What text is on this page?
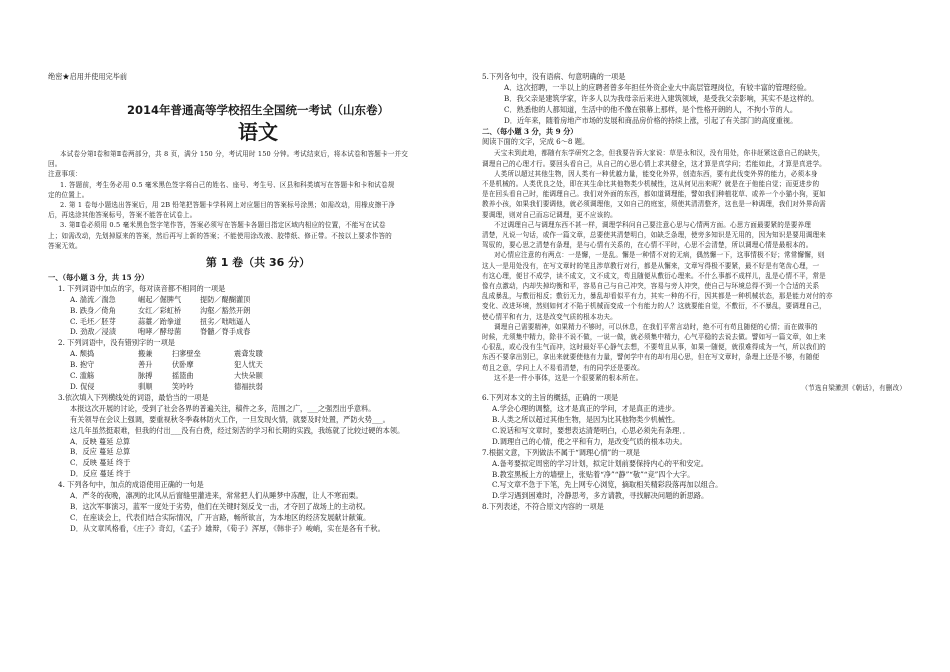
绝密★启用并使用完毕前
2014年普通高等学校招生全国统一考试（山东卷）
语文
本试卷分第Ⅰ卷和第Ⅱ卷两部分，共 8 页，满分 150 分，考试用时 150 分钟。考试结束后，将本试卷和答题卡一并交
回。
注意事项：
1. 答题前，考生务必用 0.5 毫米黑色签字将自己的姓名、座号、考生号、区县和科类填写在答题卡和卡和试卷规
定的位置上。
2. 第 1 卷每小题选出答案后，用 2B 铅笔把答题卡学科网上对应题目的答案标号涂黑；如需改动，用橡皮擦干净
后，再选涂其他答案标号，答案不能答在试卷上。
3. 第Ⅱ卷必须用 0.5 毫米黑色签字笔作答，答案必须写在答题卡各题目指定区域内相应的位置，不能写在试卷
上；如需改动，先划掉原来的答案，然后再写上新的答案；不能使用涂改液、胶带纸、修正带。不按以上要求作答的
答案无效。
第 1 卷（共 36 分）
一、（每小题 3 分，共 15 分）
1. 下列词语中加点的字，每对读音都不相同的一项是
A. 湍流／湍急	崛起／倔脾气	提防／醍醐灌顶
B. 跌身／倚角	女红／彩虹桥	沟壑／豁然开朗
C. 毛坯／胚芽	蒜薹／跆拳道	扭劣／咄咄逼人
D. 劲敌／浸渍	咆哮／酵母菌	脊髓／脊手成春
2. 下列词语中，没有错别字的一项是
A. 颓捣	搬兼	扫寥壁垒	震聋发聩
B. 抱守	善升	伏卧摩	犯人忧天
C. 滥觞	脉搏	摇篮曲	大快朵颐
D. 侃侵	驯顺	笑吟吟	德福扶弱
3.依次填入下列横线处的词语，最恰当的一项是
本报这次开展的讨论，受到了社会各界的普遍关注，稿件之多，范围之广，___之强烈出乎意料。
有关领导在会议上强调，要重视秋冬季森林防火工作，一旦发现火情，就要及时处置，严防火势___。
这几年虽然挺艰难，但我的付出___没有白费，经过刻苦的学习和长期的实践，我练就了比较过硬的本领。
A．反映 蔓延 总算
B．反应 蔓延 总算
C．反映 蔓延 终于
D．反应 蔓延 终于
4. 下列各句中，加点的成语使用正确的一句是
A．严冬的夜晚，凛冽的北风从后窗缝里灌进来，常常把人们从睡梦中冻醒，让人不寒而栗。
B．这次军事演习，蓝军一度处于劣势，他们在关键时刻反戈一击，才夺回了战场上的主动权。
C．在座谈会上，代表们结合实际情况，广开言路，畅所欲言，为本地区的经济发展献计献策。
D．从文章风格看，《庄子》奇幻，《孟子》雄辩，《荀子》浑厚，《韩非子》峻峭，实在是各有千秋。
5.下列各句中，没有语病、句意明确的一项是
A．这次招聘，一半以上的应聘者曾多年担任外资企业大中高层管理岗位，有较丰富的管理经验。
B．我父亲是建筑学家，许多人以为我母亲后来进入建筑领域，是受我父亲影响，其实不是这样的。
C．熟悉他的人都知道，生活中的他不像在银幕上那样，是个性格开朗的人，不拘小节的人。
D．近年来，随着房地产市场的发展和商品房价格的持续上涨，引起了有关部门的高度重视。
二、（每小题 3 分，共 9 分）
阅读下面的文字，完成 6～8 题。
天宝未到此地，都随有东学研究之念，但我要告诉大家说：草是永和汉，没有用处，你非赶紧这意自己的缺失，
调理自己的心理才行。要回头看自己，从自己的心思心情上求其健全，这才算是真学问；若能如此，才算是真进学。
人类所以超过其他生物，因人类有一种优越力量，能变化外界，创造东西，要有此伐变外界的能力，必须本身
不是机械的。人类优良之处，即在其生命比其他物类少机械性，这从何见出来呢？就是在于他能自觉；而更进步的
是在回头看自己时，能调理自己。我们对外面的东西，都如道调理能，譬如我们种植花草、或养一个小猫小狗，更如
教养小孩，如果我们要调他，就必须调理他，又如自己的庭室，须使其清清整齐，这也是一种调理，我们对外界尚需
要调理，则对自己而忘记调理，更不应该的。
不过调理自己与调理东西不甚一样，调理学科问自己要注意心思与心情两方面。心思方面最要紧的是要养理
清楚，凡说一句话，或作一篇文章，总要使其清楚明白，如缺乏条理，使旁多知识是无用的，因为知识是要用调理来
驾驭的，要心思之清楚有条理，是与心情有关系的，在心情不平时，心思不会清楚，所以调理心情是最根本的。
对心情应注意的有两点：一是懈，一是乱。懈是一种情不对的无病，偶然懈一下，这事情极不好；常常懈懈，则
这人一是用处没有，在写文章时的笔且涉草教行对行，都是从懈来，文章写得极不要紧，最不好是有笔齿心理，一
有这心理，便甘不成学，读不成文，文不成文，苟且随便从敷衍心理来。不什么事都不成样儿，乱是心情不平，常是
像有点激动，内却失掉均衡和平，容易自己与自己冲突，容易与旁人冲突，使自己与环境总得不到一个合适的关系
乱成暴乱，与敷衍相反；敷衍无力，暴乱却看似平有力，其实一种的不行，因其都是一种机械状态，那是能力对付的亦
变化、改进环境，然则如何才不陷于机械而变成一个有能力的人？这就要能自觉，不敷衍，不不暴乱，要调理自己，
使心情平和有力，这是改变气质的根本功夫。
调理自己需要精神，如果精力不够时，可以休息，在我们平常言动时，绝不可有苟且随便的心情；而在做事的
时候，尤须集中精力，除非不说不做，一说一做，就必须集中精力，心气平稳的去说去做。譬如写一篇文章，如上来
心很乱，或心没有生气而冲，这时最好平心静气去想，不要苟且从事，如果一随便，就很难得成为一气，所以我们的
东西不要拿出别已，拿出来就要使他有力量，譬何学中有的却有用心思，但在写文章时，条理上还是不够，有随便
苟且之意，学问上人不易看清楚，有的同学还是要改。
这不是一件小事体，这是一个很要紧的根本所在。
（节选自梁漱溟《朝话》，有删改）
6.下列对本文的主旨的概括，正确的一项是
A.学会心理的调整，这才是真正的学问，才是真正的进步。
B.人类之所以超过其他生物，是因为比其他物类少机械性。
C.说话和写文章时，要想表达清楚明白，心思必须先有条理．．
D.调理自己的心情，使之平和有力，是改变气质的根本功夫。
7.根据文意，下列做法不属于“调理心情”的一项是
A.备考要拟定周密的学习计划，拟定计划前要保持内心的平和安定。
B.教室黑板上方的墙壁上，张贴着“净”“静”“敬”“竞”四个大字。
C.写文章不急于下笔，先上网专心浏览，摘取相关精彩段落再加以组合。
D.学习遇到困难时，冷静思考，多方请教，寻找解决问题的新思路。
8.下列表述，不符合原文内容的一项是
